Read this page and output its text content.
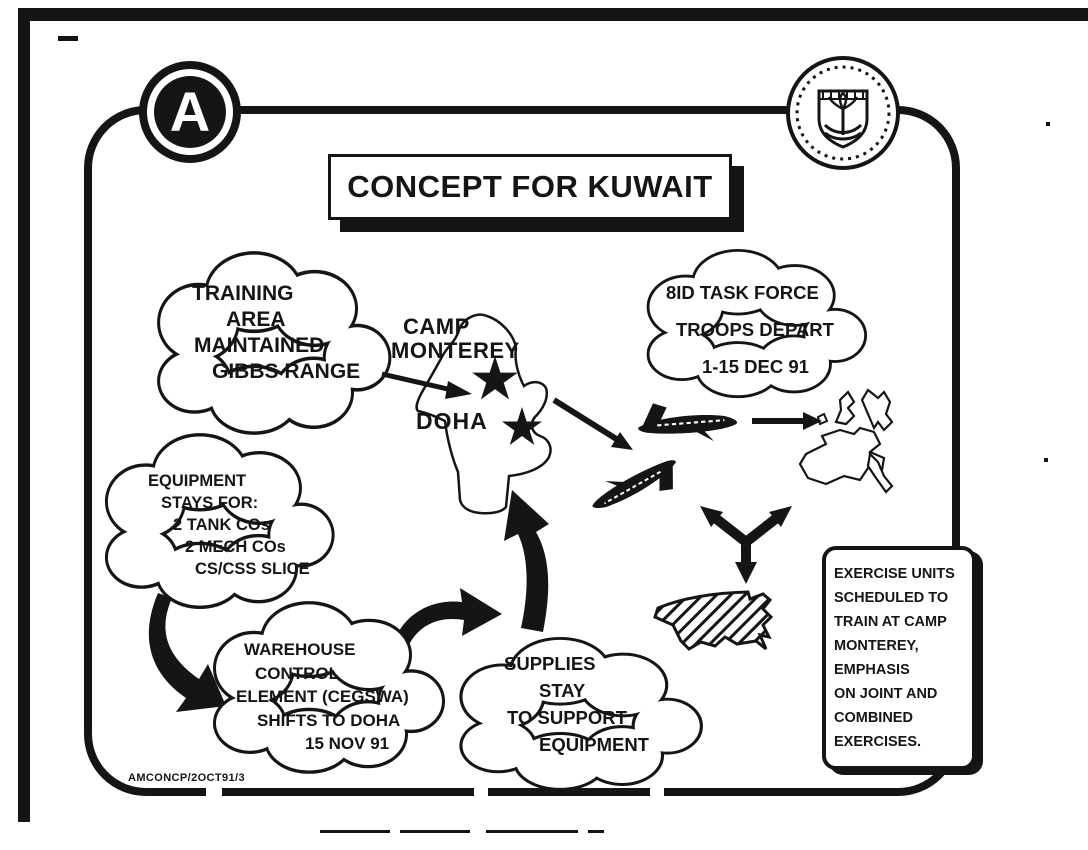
A
CONCEPT FOR KUWAIT
TRAINING
AREA
MAINTAINED
GIBBS RANGE
8ID TASK FORCE
TROOPS DEPART
1-15 DEC 91
EQUIPMENT
STAYS FOR:
2 TANK COs
2 MECH COs
CS/CSS SLICE
WAREHOUSE
CONTROL
ELEMENT (CEGSWA)
SHIFTS TO DOHA
15 NOV 91
SUPPLIES
STAY
TO SUPPORT
EQUIPMENT
CAMP
MONTEREY
DOHA
EXERCISE UNITS
SCHEDULED TO
TRAIN AT CAMP
MONTEREY,
EMPHASIS
ON JOINT AND
COMBINED
EXERCISES.
AMCONCP/2OCT91/3
